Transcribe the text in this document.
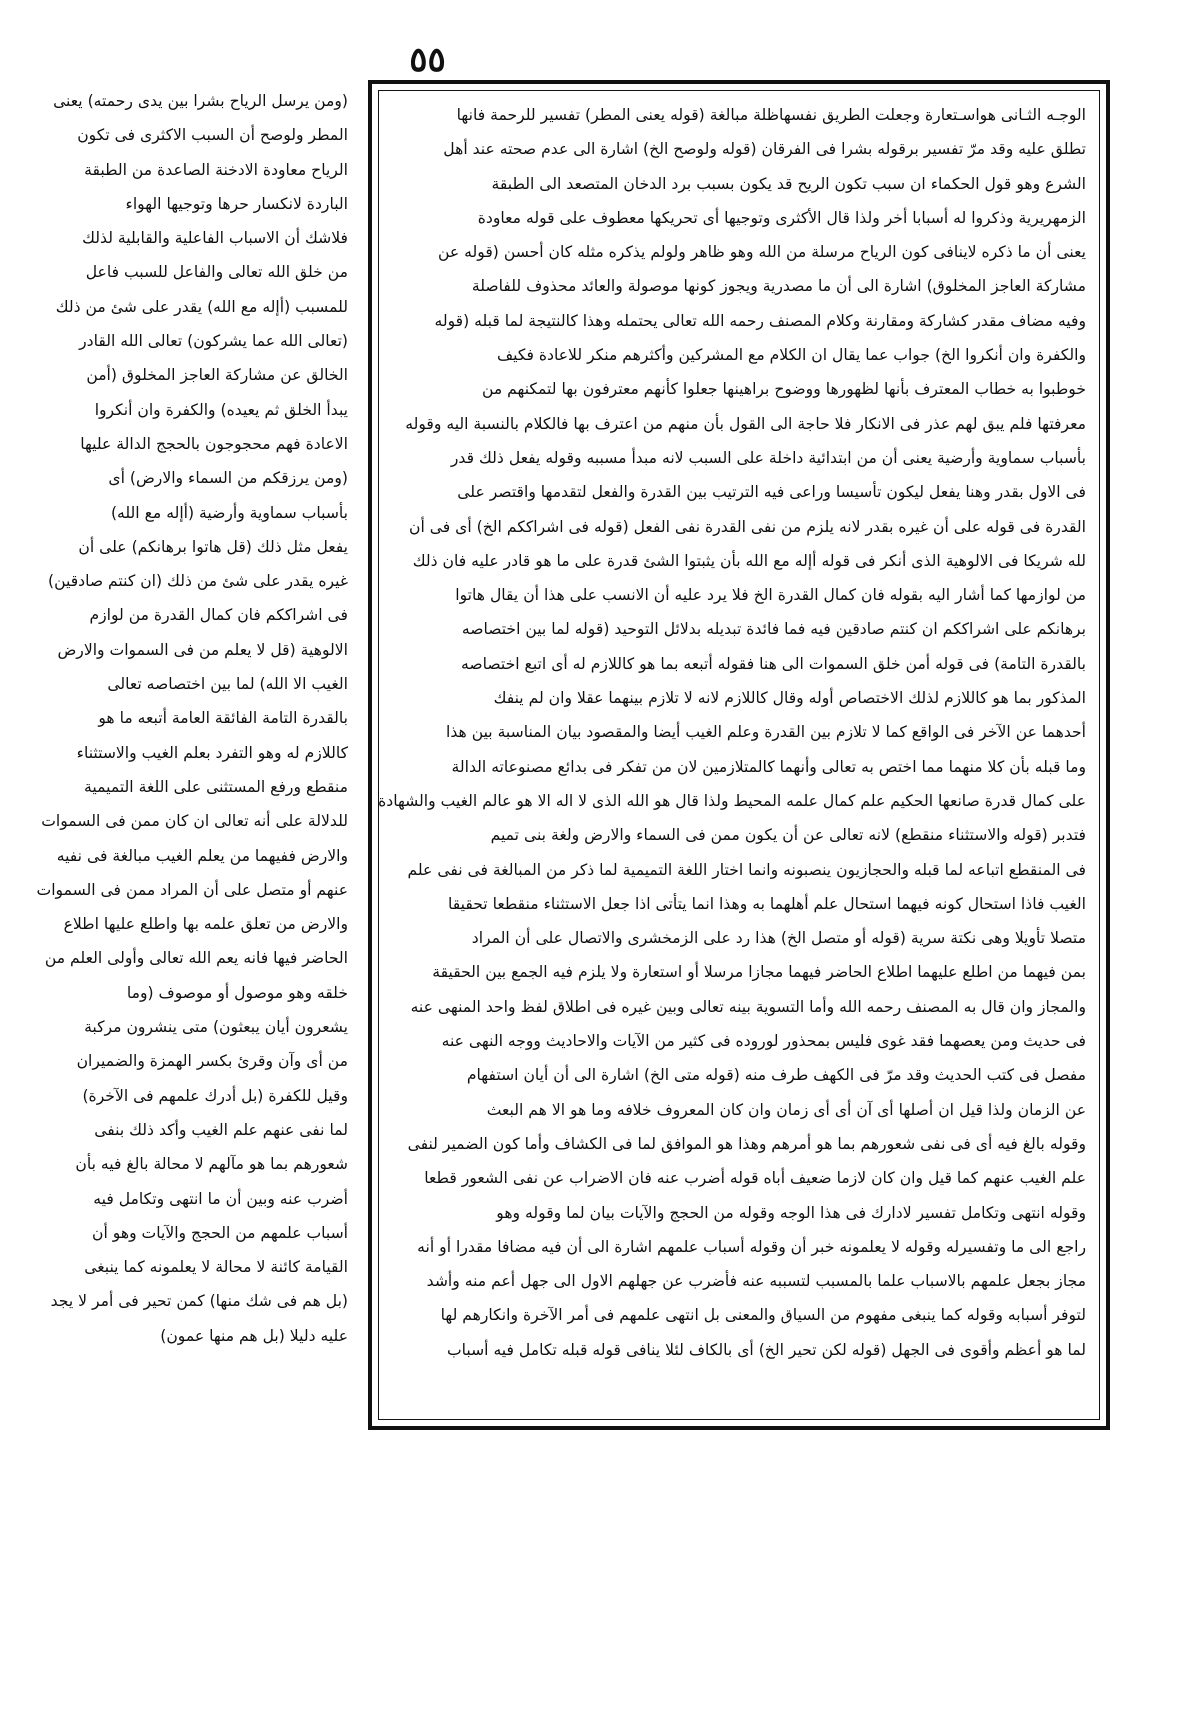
٥٥
(ومن يرسل الرياح بشرا بين يدى رحمته) يعنى
المطر ولوصح أن السبب الاكثرى فى تكون
الرياح معاودة الادخنة الصاعدة من الطبقة
الباردة لانكسار حرها وتوجيها الهواء
فلاشك أن الاسباب الفاعلية والقابلية لذلك
من خلق الله تعالى والفاعل للسبب فاعل
للمسبب (أإله مع الله) يقدر على شئ من ذلك
(تعالى الله عما يشركون) تعالى الله القادر
الخالق عن مشاركة العاجز المخلوق (أمن
يبدأ الخلق ثم يعيده) والكفرة وان أنكروا
الاعادة فهم محجوجون بالحجج الدالة عليها
(ومن يرزقكم من السماء والارض) أى
بأسباب سماوية وأرضية (أإله مع الله)
يفعل مثل ذلك (قل هاتوا برهانكم) على أن
غيره يقدر على شئ من ذلك (ان كنتم صادقين)
فى اشراككم فان كمال القدرة من لوازم
الالوهية (قل لا يعلم من فى السموات والارض
الغيب الا الله) لما بين اختصاصه تعالى
بالقدرة التامة الفائقة العامة أتبعه ما هو
كاللازم له وهو التفرد بعلم الغيب والاستثناء
منقطع ورفع المستثنى على اللغة التميمية
للدلالة على أنه تعالى ان كان ممن فى السموات
والارض ففيهما من يعلم الغيب مبالغة فى نفيه
عنهم أو متصل على أن المراد ممن فى السموات
والارض من تعلق علمه بها واطلع عليها اطلاع
الحاضر فيها فانه يعم الله تعالى وأولى العلم من
خلقه وهو موصول أو موصوف (وما
يشعرون أيان يبعثون) متى ينشرون مركبة
من أى وآن وقرئ بكسر الهمزة والضميران
وقيل للكفرة (بل أدرك علمهم فى الآخرة)
لما نفى عنهم علم الغيب وأكد ذلك بنفى
شعورهم بما هو مآلهم لا محالة بالغ فيه بأن
أضرب عنه وبين أن ما انتهى وتكامل فيه
أسباب علمهم من الحجج والآيات وهو أن
القيامة كائنة لا محالة لا يعلمونه كما ينبغى
(بل هم فى شك منها) كمن تحير فى أمر لا يجد
عليه دليلا (بل هم منها عمون)
الوجـه الثـانى هواسـتعارة وجعلت الطريق نفسهاظلة مبالغة (قوله يعنى المطر) تفسير للرحمة فانها
تطلق عليه وقد مرّ تفسير برقوله بشرا فى الفرقان (قوله ولوصح الخ) اشارة الى عدم صحته عند أهل
الشرع وهو قول الحكماء ان سبب تكون الريح قد يكون بسبب برد الدخان المتصعد الى الطبقة
الزمهريرية وذكروا له أسبابا أخر ولذا قال الأكثرى وتوجيها أى تحريكها معطوف على قوله معاودة
يعنى أن ما ذكره لاينافى كون الرياح مرسلة من الله وهو ظاهر ولولم يذكره مثله كان أحسن (قوله عن
مشاركة العاجز المخلوق) اشارة الى أن ما مصدرية ويجوز كونها موصولة والعائد محذوف للفاصلة
وفيه مضاف مقدر كشاركة ومقارنة وكلام المصنف رحمه الله تعالى يحتمله وهذا كالنتيجة لما قبله (قوله
والكفرة وان أنكروا الخ) جواب عما يقال ان الكلام مع المشركين وأكثرهم منكر للاعادة فكيف
خوطبوا به خطاب المعترف بأنها لظهورها ووضوح براهينها جعلوا كأنهم معترفون بها لتمكنهم من
معرفتها فلم يبق لهم عذر فى الانكار فلا حاجة الى القول بأن منهم من اعترف بها فالكلام بالنسبة اليه وقوله
بأسباب سماوية وأرضية يعنى أن من ابتدائية داخلة على السبب لانه مبدأ مسببه وقوله يفعل ذلك قدر
فى الاول بقدر وهنا يفعل ليكون تأسيسا وراعى فيه الترتيب بين القدرة والفعل لتقدمها واقتصر على
القدرة فى قوله على أن غيره بقدر لانه يلزم من نفى القدرة نفى الفعل (قوله فى اشراككم الخ) أى فى أن
لله شريكا فى الالوهية الذى أنكر فى قوله أإله مع الله بأن يثبتوا الشئ قدرة على ما هو قادر عليه فان ذلك
من لوازمها كما أشار اليه بقوله فان كمال القدرة الخ فلا يرد عليه أن الانسب على هذا أن يقال هاتوا
برهانكم على اشراككم ان كنتم صادقين فيه فما فائدة تبديله بدلائل التوحيد (قوله لما بين اختصاصه
بالقدرة التامة) فى قوله أمن خلق السموات الى هنا فقوله أتبعه بما هو كاللازم له أى اتبع اختصاصه
المذكور بما هو كاللازم لذلك الاختصاص أوله وقال كاللازم لانه لا تلازم بينهما عقلا وان لم ينفك
أحدهما عن الآخر فى الواقع كما لا تلازم بين القدرة وعلم الغيب أيضا والمقصود بيان المناسبة بين هذا
وما قبله بأن كلا منهما مما اختص به تعالى وأنهما كالمتلازمين لان من تفكر فى بدائع مصنوعاته الدالة
على كمال قدرة صانعها الحكيم علم كمال علمه المحيط ولذا قال هو الله الذى لا اله الا هو عالم الغيب والشهادة
فتدبر (قوله والاستثناء منقطع) لانه تعالى عن أن يكون ممن فى السماء والارض ولغة بنى تميم
فى المنقطع اتباعه لما قبله والحجازيون ينصبونه وانما اختار اللغة التميمية لما ذكر من المبالغة فى نفى علم
الغيب فاذا استحال كونه فيهما استحال علم أهلهما به وهذا انما يتأتى اذا جعل الاستثناء منقطعا تحقيقا
متصلا تأويلا وهى نكتة سرية (قوله أو متصل الخ) هذا رد على الزمخشرى والاتصال على أن المراد
بمن فيهما من اطلع عليهما اطلاع الحاضر فيهما مجازا مرسلا أو استعارة ولا يلزم فيه الجمع بين الحقيقة
والمجاز وان قال به المصنف رحمه الله وأما التسوية بينه تعالى وبين غيره فى اطلاق لفظ واحد المنهى عنه
فى حديث ومن يعصهما فقد غوى فليس بمحذور لوروده فى كثير من الآيات والاحاديث ووجه النهى عنه
مفصل فى كتب الحديث وقد مرّ فى الكهف طرف منه (قوله متى الخ) اشارة الى أن أيان استفهام
عن الزمان ولذا قيل ان أصلها أى آن أى أى زمان وان كان المعروف خلافه وما هو الا هم البعث
وقوله بالغ فيه أى فى نفى شعورهم بما هو أمرهم وهذا هو الموافق لما فى الكشاف وأما كون الضمير لنفى
علم الغيب عنهم كما قيل وان كان لازما ضعيف أباه قوله أضرب عنه فان الاضراب عن نفى الشعور قطعا
وقوله انتهى وتكامل تفسير لادارك فى هذا الوجه وقوله من الحجج والآيات بيان لما وقوله وهو
راجع الى ما وتفسيرله وقوله لا يعلمونه خبر أن وقوله أسباب علمهم اشارة الى أن فيه مضافا مقدرا أو أنه
مجاز بجعل علمهم بالاسباب علما بالمسبب لتسببه عنه فأضرب عن جهلهم الاول الى جهل أعم منه وأشد
لتوفر أسبابه وقوله كما ينبغى مفهوم من السياق والمعنى بل انتهى علمهم فى أمر الآخرة وانكارهم لها
لما هو أعظم وأقوى فى الجهل (قوله لكن تحير الخ) أى بالكاف لئلا ينافى قوله قبله تكامل فيه أسباب
